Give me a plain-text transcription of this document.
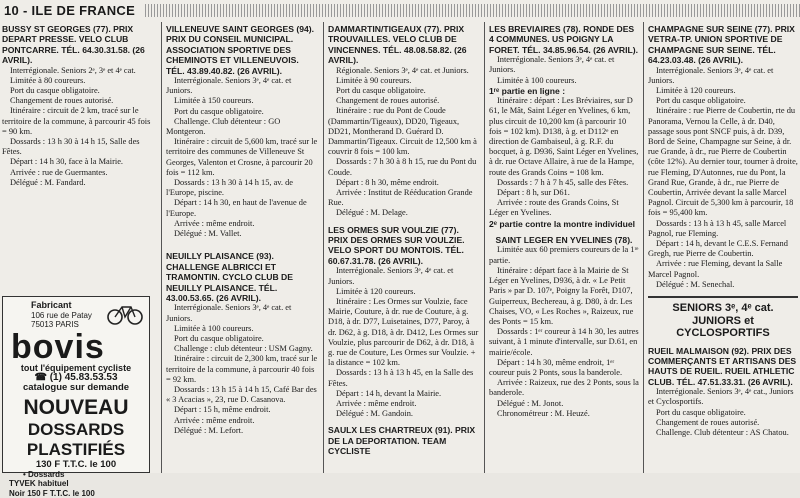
10 - ILE DE FRANCE
BUSSY ST GEORGES (77). PRIX DEPART PRESSE. VELO CLUB PONTCARRE. TÉL. 64.30.31.58. (26 AVRIL).

Interrégionale. Seniors 2ᵉ, 3ᵉ et 4ᵉ cat.

Limitée à 80 coureurs.

Port du casque obligatoire.

Changement de roues autorisé.

Itinéraire : circuit de 2 km, tracé sur le territoire de la commune, à parcourir 45 fois = 90 km.

Dossards : 13 h 30 à 14 h 15, Salle des Fêtes.

Départ : 14 h 30, face à la Mairie.

Arrivée : rue de Guermantes.

Délégué : M. Fandard.

Fabricant
106 rue de Patay
75013 PARIS
bovis
tout l'équipement cycliste
☎ (1) 45.83.53.53
catalogue sur demande
NOUVEAU
DOSSARDS
PLASTIFIÉS
130 F T.T.C. le 100
• Dossards
TYVEK habituel
Noir 150 F T.T.C. le 100
VILLENEUVE SAINT GEORGES (94). PRIX DU CONSEIL MUNICIPAL. ASSOCIATION SPORTIVE DES CHEMINOTS ET VILLENEUVOIS. TÉL. 43.89.40.82. (26 AVRIL).

Interrégionale. Seniors 3ᵉ, 4ᵉ cat. et Juniors.

Limitée à 150 coureurs.

Port du casque obligatoire.

Challenge. Club détenteur : GO Montgeron.

Itinéraire : circuit de 5,600 km, tracé sur le territoire des communes de Villeneuve St Georges, Valenton et Crosne, à parcourir 20 fois = 112 km.

Dossards : 13 h 30 à 14 h 15, av. de l'Europe, piscine.

Départ : 14 h 30, en haut de l'avenue de l'Europe.

Arrivée : même endroit.

Délégué : M. Vallet.

NEUILLY PLAISANCE (93). CHALLENGE ALBRICCI ET TRAMONTIN. CYCLO CLUB DE NEUILLY PLAISANCE. TÉL. 43.00.53.65. (26 AVRIL).

Interrégionale. Seniors 3ᵉ, 4ᵉ cat. et Juniors.

Limitée à 100 coureurs.

Port du casque obligatoire.

Challenge : club détenteur : USM Gagny.

Itinéraire : circuit de 2,300 km, tracé sur le territoire de la commune, à parcourir 40 fois = 92 km.

Dossards : 13 h 15 à 14 h 15, Café Bar des « 3 Acacias », 23, rue D. Casanova.

Départ : 15 h, même endroit.

Arrivée : même endroit.

Délégué : M. Lefort.

DAMMARTIN/TIGEAUX (77). PRIX TROUVAILLES. VELO CLUB DE VINCENNES. TÉL. 48.08.58.82. (26 AVRIL).

Régionale. Seniors 3ᵉ, 4ᵉ cat. et Juniors.

Limitée à 90 coureurs.

Port du casque obligatoire.

Changement de roues autorisé.

Itinéraire : rue du Pont de Coude (Dammartin/Tigeaux), DD20, Tigeaux, DD21, Montherand D. Guérard D. Dammartin/Tigeaux. Circuit de 12,500 km à couvrir 8 fois = 100 km.

Dossards : 7 h 30 à 8 h 15, rue du Pont du Coude.

Départ : 8 h 30, même endroit.

Arrivée : Institut de Rééducation Grande Rue.

Délégué : M. Delage.

LES ORMES SUR VOULZIE (77). PRIX DES ORMES SUR VOULZIE. VELO SPORT DU MONTOIS. TÉL. 60.67.31.78. (26 AVRIL).

Interrégionale. Seniors 3ᵉ, 4ᵉ cat. et Juniors.

Limitée à 120 coureurs.

Itinéraire : Les Ormes sur Voulzie, face Mairie, Couture, à dr. rue de Couture, à g. D18, à dr. D77, Luisetaines, D77, Paroy, à dr. D62, à g. D18, à dr. D412, Les Ormes sur Voulzie, plus parcourir de D62, à dr. D18, à g. rue de Couture, Les Ormes sur Voulzie. + la distance = 102 km.

Dossards : 13 h à 13 h 45, en la Salle des Fêtes.

Départ : 14 h, devant la Mairie.

Arrivée : même endroit.

Délégué : M. Gandoin.

SAULX LES CHARTREUX (91). PRIX DE LA DEPORTATION. TEAM CYCLISTE
LES BREVIAIRES (78). RONDE DES 4 COMMUNES. US POIGNY LA FORET. TÉL. 34.85.96.54. (26 AVRIL).

Interrégionale. Seniors 3ᵉ, 4ᵉ cat. et Juniors.

Limitée à 100 coureurs.

1ʳᵉ partie en ligne :

Itinéraire : départ : Les Bréviaires, sur D 61, le Mât, Saint Léger en Yvelines, 6 km, plus circuit de 10,200 km (à parcourir 10 fois = 102 km). D138, à g. et D112ᵉ en direction de Gambaiseul, à g. R.F. du bocquet, à g. D936, Saint Léger en Yvelines, à dr. rue Octave Allaire, à rue de la Hampe, route des Grands Coins = 108 km.

Dossards : 7 h à 7 h 45, salle des Fêtes.

Départ : 8 h, sur D61.

Arrivée : route des Grands Coins, St Léger en Yvelines.

2ᵉ partie contre la montre individuel
SAINT LEGER EN YVELINES (78).

Limitée aux 60 premiers coureurs de la 1ʳᵉ partie.

Itinéraire : départ face à la Mairie de St Léger en Yvelines, D936, à dr. « Le Petit Paris » par D. 107ᵉ, Poigny la Forêt, D107, Guiperreux, Bechereau, à g. D80, à dr. Les Chaises, VO, « Les Roches », Raizeux, rue des Ponts = 15 km.

Dossards : 1ᵉʳ coureur à 14 h 30, les autres suivant, à 1 minute d'intervalle, sur D.61, en mairie/école.

Départ : 14 h 30, même endroit, 1ᵉʳ coureur puis 2 Ponts, sous la banderole.

Arrivée : Raizeux, rue des 2 Ponts, sous la banderole.

Délégué : M. Jonot.

Chronométreur : M. Heuzé.

CHAMPAGNE SUR SEINE (77). PRIX VETRA-TP. UNION SPORTIVE DE CHAMPAGNE SUR SEINE. TÉL. 64.23.03.48. (26 AVRIL).

Interrégionale. Seniors 3ᵉ, 4ᵉ cat. et Juniors.

Limitée à 120 coureurs.

Port du casque obligatoire.

Itinéraire : rue Pierre de Coubertin, rte du Panorama, Vernou la Celle, à dr. D40, passage sous pont SNCF puis, à dr. D39, Bord de Seine, Champagne sur Seine, à dr. rue Grande, à dr., rue Pierre de Coubertin (côte 12%). Au dernier tour, tourner à droite, rue Fleming, D'Autonnes, rue du Pont, la Grand Rue, Grande, à dr., rue Pierre de Coubertin, Arrivée devant la salle Marcel Pagnol. Circuit de 5,300 km à parcourir, 18 fois = 95,400 km.

Dossards : 13 h à 13 h 45, salle Marcel Pagnol, rue Fleming.

Départ : 14 h, devant le C.E.S. Fernand Gregh, rue Pierre de Coubertin.

Arrivée : rue Fleming, devant la Salle Marcel Pagnol.

Délégué : M. Senechal.

SENIORS 3ᵉ, 4ᵉ cat. JUNIORS et CYCLOSPORTIFS
RUEIL MALMAISON (92). PRIX DES COMMERÇANTS ET ARTISANS DES HAUTS DE RUEIL. RUEIL ATHLETIC CLUB. TÉL. 47.51.33.31. (26 AVRIL).

Interrégionale. Seniors 3ᵉ, 4ᵉ cat., Juniors et Cyclosportifs.

Port du casque obligatoire.

Changement de roues autorisé.

Challenge. Club détenteur : AS Chatou.
